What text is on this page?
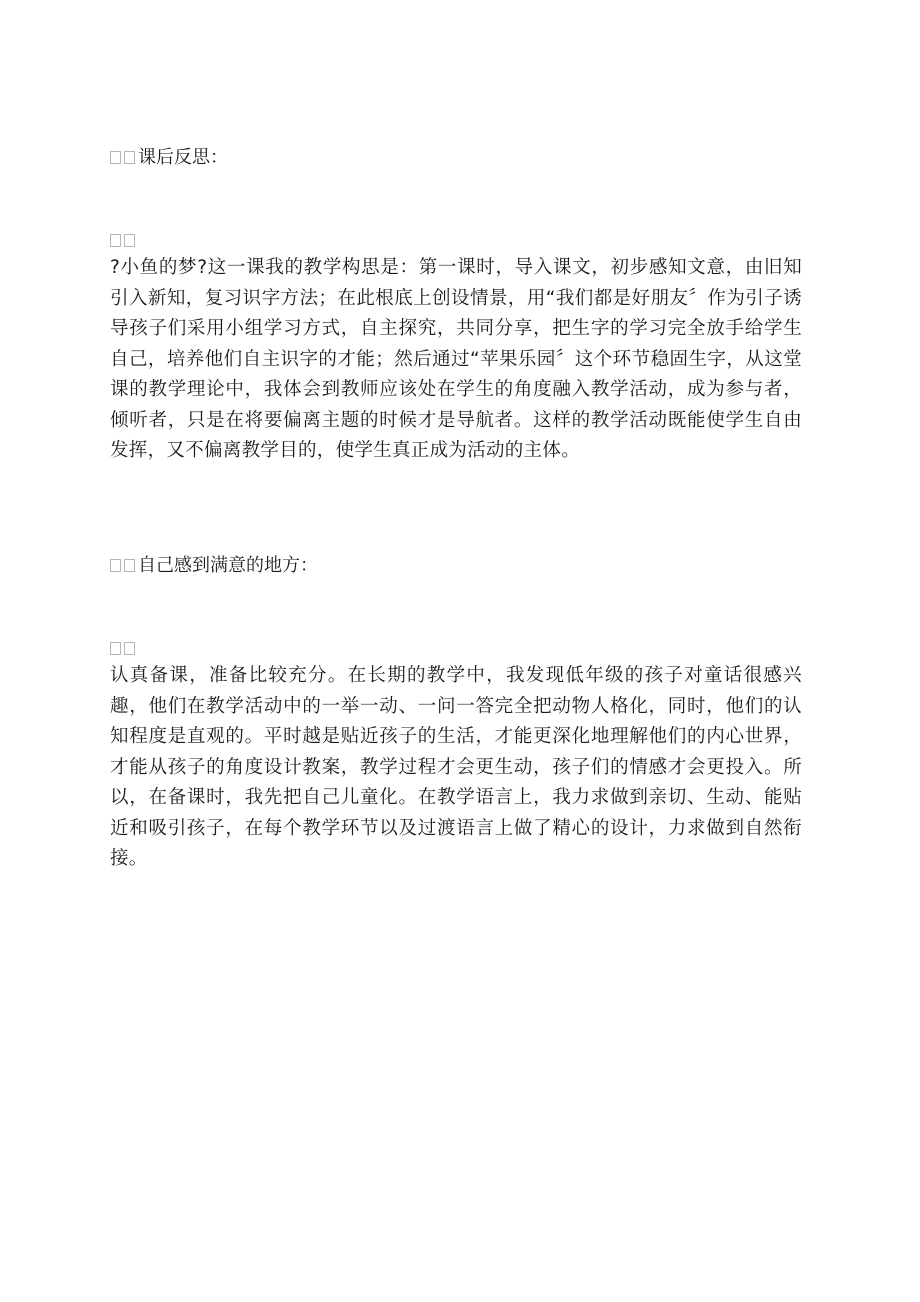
课后反思：
?小鱼的梦?这一课我的教学构思是：第一课时，导入课文，初步感知文意，由旧知引入新知，复习识字方法；在此根底上创设情景，用“我们都是好朋友〞作为引子诱导孩子们采用小组学习方式，自主探究，共同分享，把生字的学习完全放手给学生自己，培养他们自主识字的才能；然后通过“苹果乐园〞这个环节稳固生字，从这堂课的教学理论中，我体会到教师应该处在学生的角度融入教学活动，成为参与者，倾听者，只是在将要偏离主题的时候才是导航者。这样的教学活动既能使学生自由发挥，又不偏离教学目的，使学生真正成为活动的主体。
自己感到满意的地方：
认真备课，准备比较充分。在长期的教学中，我发现低年级的孩子对童话很感兴趣，他们在教学活动中的一举一动、一问一答完全把动物人格化，同时，他们的认知程度是直观的。平时越是贴近孩子的生活，才能更深化地理解他们的内心世界，才能从孩子的角度设计教案，教学过程才会更生动，孩子们的情感才会更投入。所以，在备课时，我先把自己儿童化。在教学语言上，我力求做到亲切、生动、能贴近和吸引孩子，在每个教学环节以及过渡语言上做了精心的设计，力求做到自然衔接。
